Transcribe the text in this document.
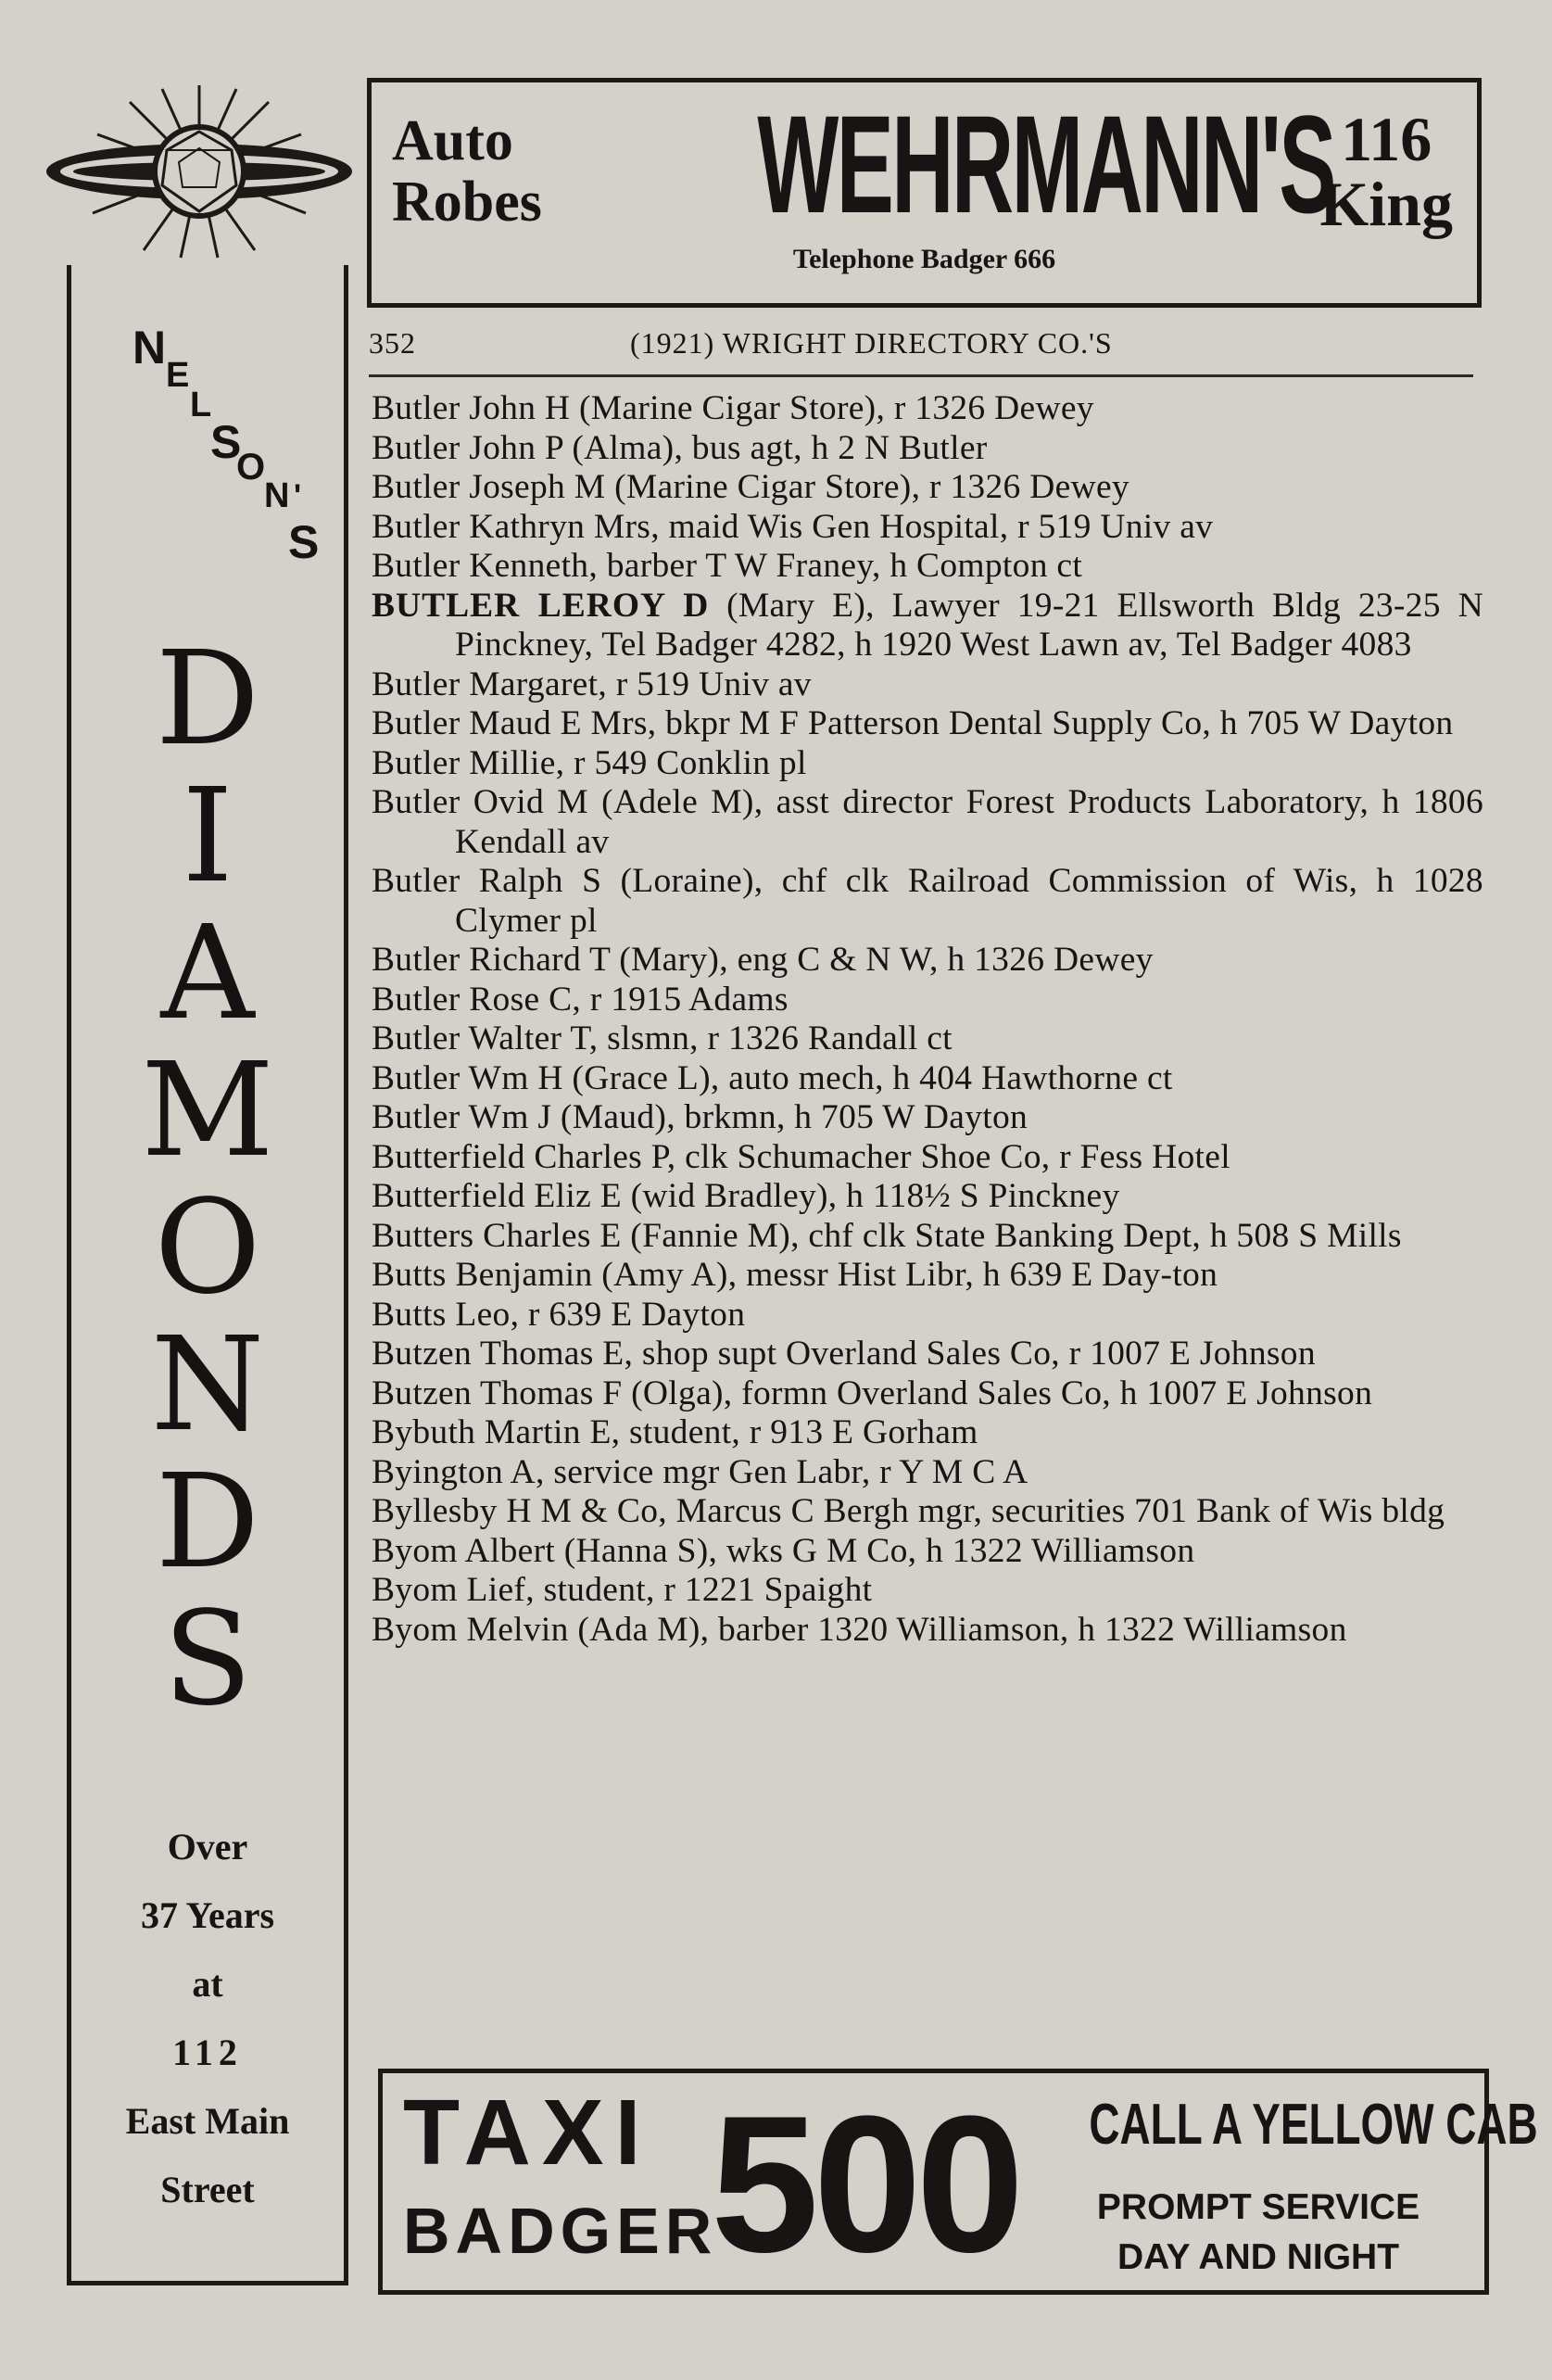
N
E
L
S
O
N '
S
D
I
A
M
O
N
D
S
Over
37 Years
at
112
East Main
Street
Auto
Robes WEHRMANN'S 116
King
Telephone Badger 666
352	(1921) WRIGHT DIRECTORY CO.'S
Butler John H (Marine Cigar Store), r 1326 Dewey
Butler John P (Alma), bus agt, h 2 N Butler
Butler Joseph M (Marine Cigar Store), r 1326 Dewey
Butler Kathryn Mrs, maid Wis Gen Hospital, r 519 Univ av
Butler Kenneth, barber T W Franey, h Compton ct
BUTLER LEROY D (Mary E), Lawyer 19-21 Ellsworth Bldg 23-25 N Pinckney, Tel Badger 4282, h 1920 West Lawn av, Tel Badger 4083
Butler Margaret, r 519 Univ av
Butler Maud E Mrs, bkpr M F Patterson Dental Supply Co, h 705 W Dayton
Butler Millie, r 549 Conklin pl
Butler Ovid M (Adele M), asst director Forest Products Laboratory, h 1806 Kendall av
Butler Ralph S (Loraine), chf clk Railroad Commission of Wis, h 1028 Clymer pl
Butler Richard T (Mary), eng C & N W, h 1326 Dewey
Butler Rose C, r 1915 Adams
Butler Walter T, slsmn, r 1326 Randall ct
Butler Wm H (Grace L), auto mech, h 404 Hawthorne ct
Butler Wm J (Maud), brkmn, h 705 W Dayton
Butterfield Charles P, clk Schumacher Shoe Co, r Fess Hotel
Butterfield Eliz E (wid Bradley), h 118½ S Pinckney
Butters Charles E (Fannie M), chf clk State Banking Dept, h 508 S Mills
Butts Benjamin (Amy A), messr Hist Libr, h 639 E Day-ton
Butts Leo, r 639 E Dayton
Butzen Thomas E, shop supt Overland Sales Co, r 1007 E Johnson
Butzen Thomas F (Olga), formn Overland Sales Co, h 1007 E Johnson
Bybuth Martin E, student, r 913 E Gorham
Byington A, service mgr Gen Labr, r Y M C A
Byllesby H M & Co, Marcus C Bergh mgr, securities 701 Bank of Wis bldg
Byom Albert (Hanna S), wks G M Co, h 1322 Williamson
Byom Lief, student, r 1221 Spaight
Byom Melvin (Ada M), barber 1320 Williamson, h 1322 Williamson
TAXI
BADGER
500 CALL A YELLOW CAB
PROMPT SERVICE
DAY AND NIGHT
